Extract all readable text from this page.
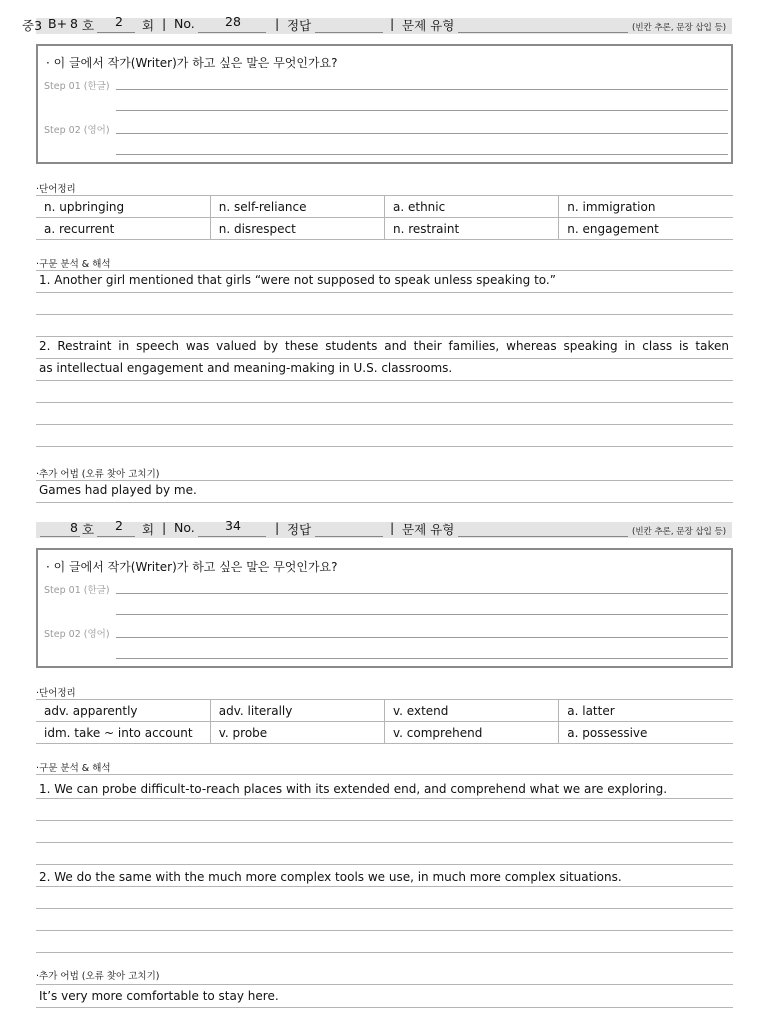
중3 B+ 8 호 2 회 | No. 28	| 정답	| 문제 유형	(빈칸 추론, 문장 삽입 등)
· 이 글에서 작가(Writer)가 하고 싶은 말은 무엇인가요?
Step 01 (한글)
Step 02 (영어)
·단어정리
n. upbringing	n. self-reliance	a. ethnic	n. immigration
a. recurrent	n. disrespect	n. restraint	n. engagement
·구문 분석 & 해석
1. Another girl mentioned that girls “were not supposed to speak unless speaking to.”
2. Restraint in speech was valued by these students and their families, whereas speaking in class is taken
as intellectual engagement and meaning-making in U.S. classrooms.
·추가 어법 (오류 찾아 고치기)
Games had played by me.
8 호 2 회 | No. 34	| 정답	| 문제 유형	(빈칸 추론, 문장 삽입 등)
· 이 글에서 작가(Writer)가 하고 싶은 말은 무엇인가요?
Step 01 (한글)
Step 02 (영어)
·단어정리
adv. apparently	adv. literally	v. extend	a. latter
idm. take ~ into account	v. probe	v. comprehend	a. possessive
·구문 분석 & 해석
1. We can probe difficult-to-reach places with its extended end, and comprehend what we are exploring.
2. We do the same with the much more complex tools we use, in much more complex situations.
·추가 어법 (오류 찾아 고치기)
It’s very more comfortable to stay here.
